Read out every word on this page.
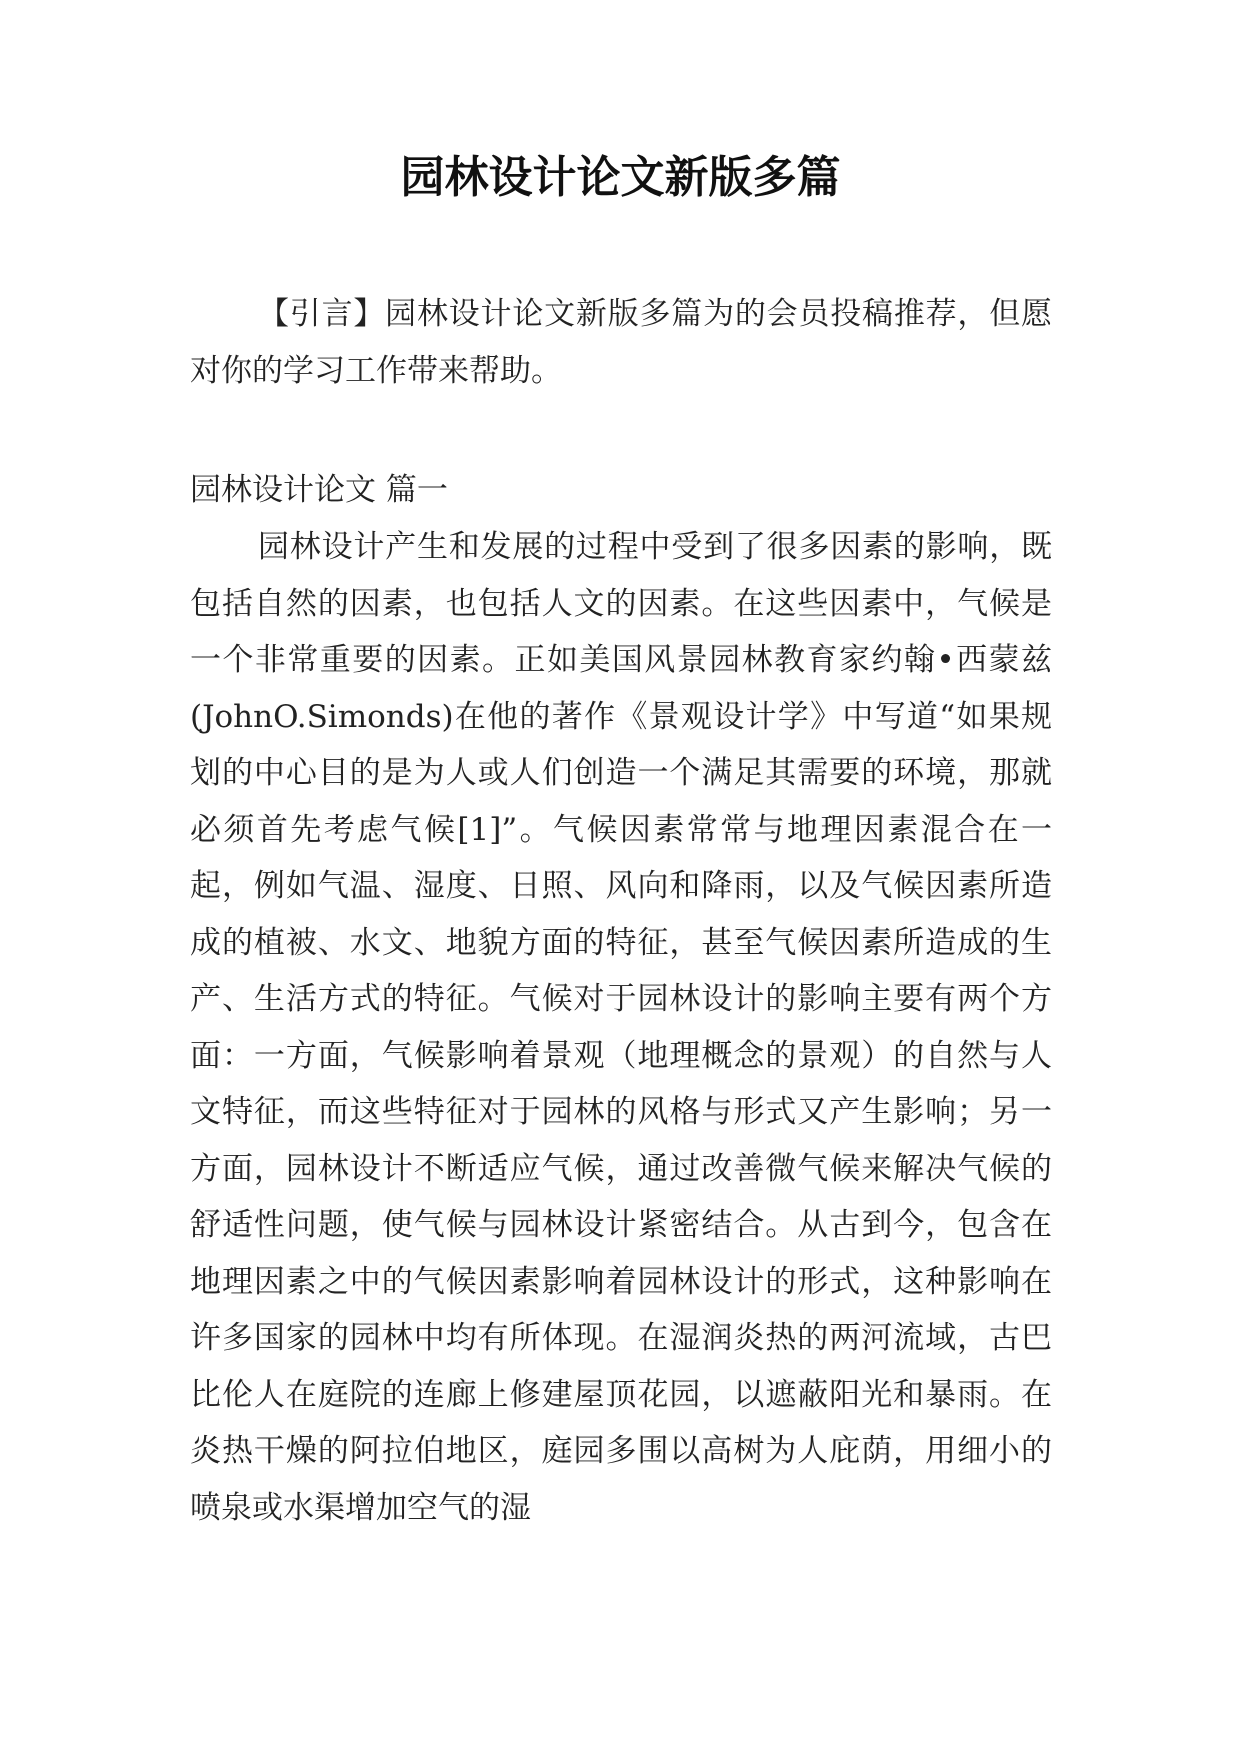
园林设计论文新版多篇

【引言】园林设计论文新版多篇为的会员投稿推荐，但愿对你的学习工作带来帮助。

园林设计论文 篇一

园林设计产生和发展的过程中受到了很多因素的影响，既包括自然的因素，也包括人文的因素。在这些因素中，气候是一个非常重要的因素。正如美国风景园林教育家约翰•西蒙兹(JohnO.Simonds)在他的著作《景观设计学》中写道“如果规划的中心目的是为人或人们创造一个满足其需要的环境，那就必须首先考虑气候[1]”。气候因素常常与地理因素混合在一起，例如气温、湿度、日照、风向和降雨，以及气候因素所造成的植被、水文、地貌方面的特征，甚至气候因素所造成的生产、生活方式的特征。气候对于园林设计的影响主要有两个方面：一方面，气候影响着景观（地理概念的景观）的自然与人文特征，而这些特征对于园林的风格与形式又产生影响；另一方面，园林设计不断适应气候，通过改善微气候来解决气候的舒适性问题，使气候与园林设计紧密结合。从古到今，包含在地理因素之中的气候因素影响着园林设计的形式，这种影响在许多国家的园林中均有所体现。在湿润炎热的两河流域，古巴比伦人在庭院的连廊上修建屋顶花园，以遮蔽阳光和暴雨。在炎热干燥的阿拉伯地区，庭园多围以高树为人庇荫，用细小的喷泉或水渠增加空气的湿
